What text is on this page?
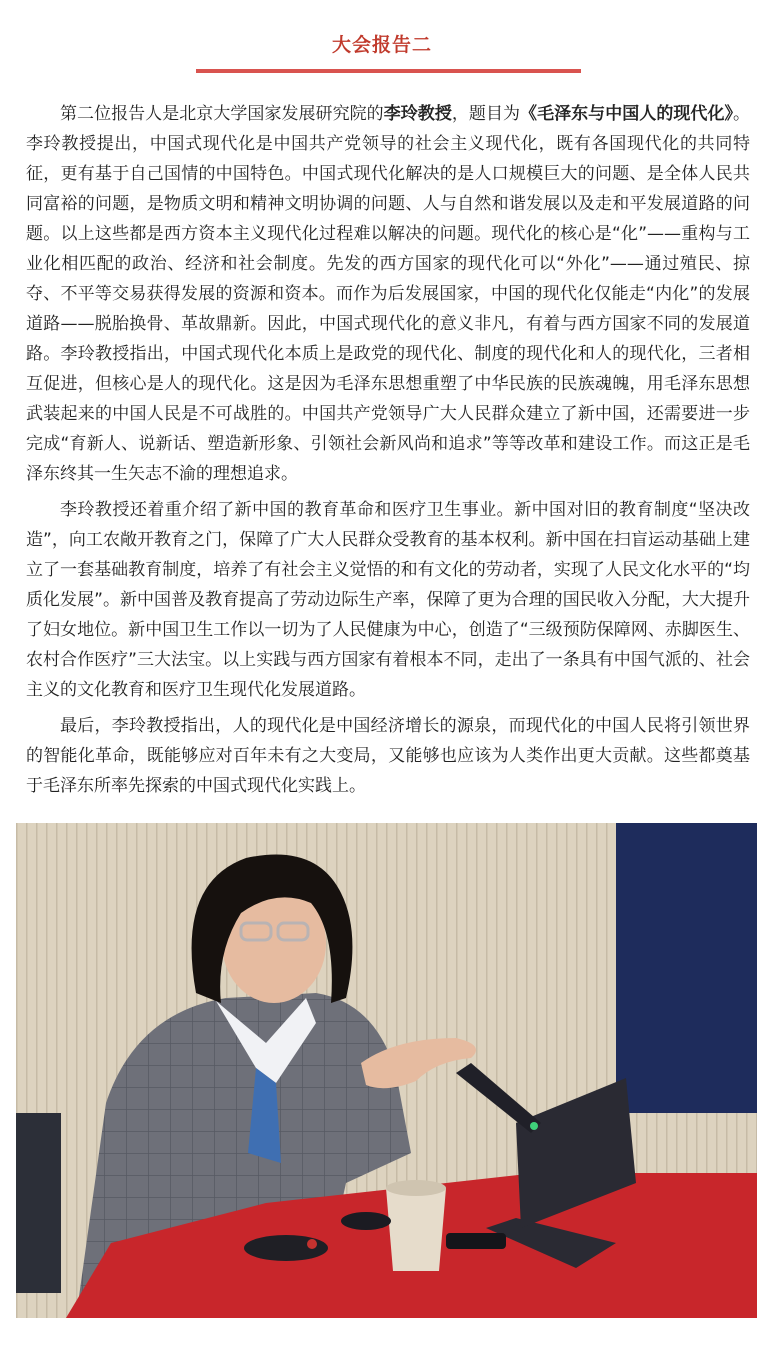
大会报告二

第二位报告人是北京大学国家发展研究院的李玲教授，题目为《毛泽东与中国人的现代化》。李玲教授提出，中国式现代化是中国共产党领导的社会主义现代化，既有各国现代化的共同特征，更有基于自己国情的中国特色。中国式现代化解决的是人口规模巨大的问题、是全体人民共同富裕的问题，是物质文明和精神文明协调的问题、人与自然和谐发展以及走和平发展道路的问题。以上这些都是西方资本主义现代化过程难以解决的问题。现代化的核心是“化”——重构与工业化相匹配的政治、经济和社会制度。先发的西方国家的现代化可以“外化”——通过殖民、掠夺、不平等交易获得发展的资源和资本。而作为后发展国家，中国的现代化仅能走“内化”的发展道路——脱胎换骨、革故鼎新。因此，中国式现代化的意义非凡，有着与西方国家不同的发展道路。李玲教授指出，中国式现代化本质上是政党的现代化、制度的现代化和人的现代化，三者相互促进，但核心是人的现代化。这是因为毛泽东思想重塑了中华民族的民族魂魄，用毛泽东思想武装起来的中国人民是不可战胜的。中国共产党领导广大人民群众建立了新中国，还需要进一步完成“育新人、说新话、塑造新形象、引领社会新风尚和追求”等等改革和建设工作。而这正是毛泽东终其一生矢志不渝的理想追求。

李玲教授还着重介绍了新中国的教育革命和医疗卫生事业。新中国对旧的教育制度“坚决改造”，向工农敞开教育之门，保障了广大人民群众受教育的基本权利。新中国在扫盲运动基础上建立了一套基础教育制度，培养了有社会主义觉悟的和有文化的劳动者，实现了人民文化水平的“均质化发展”。新中国普及教育提高了劳动边际生产率，保障了更为合理的国民收入分配，大大提升了妇女地位。新中国卫生工作以一切为了人民健康为中心，创造了“三级预防保障网、赤脚医生、农村合作医疗”三大法宝。以上实践与西方国家有着根本不同，走出了一条具有中国气派的、社会主义的文化教育和医疗卫生现代化发展道路。

最后，李玲教授指出，人的现代化是中国经济增长的源泉，而现代化的中国人民将引领世界的智能化革命，既能够应对百年未有之大变局，又能够也应该为人类作出更大贡献。这些都奠基于毛泽东所率先探索的中国式现代化实践上。
